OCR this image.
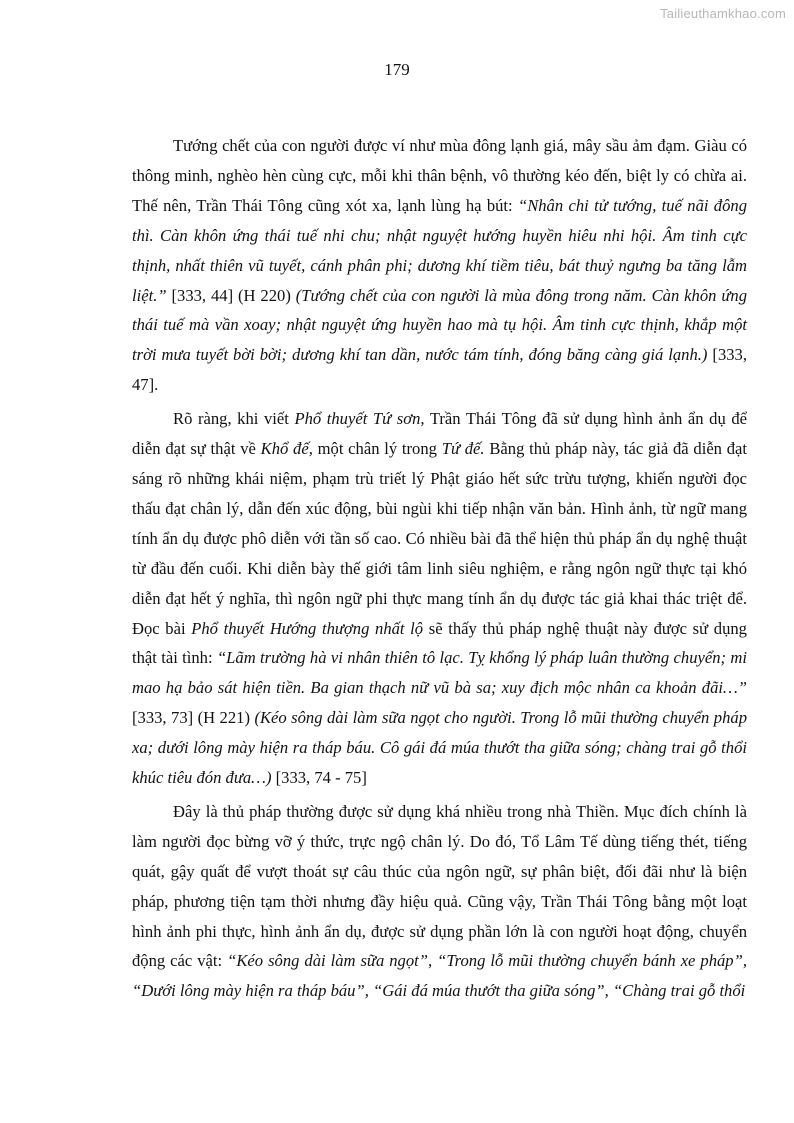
Tailieuthamkhao.com
179

Tướng chết của con người được ví như mùa đông lạnh giá, mây sầu ảm đạm. Giàu có thông minh, nghèo hèn cùng cực, mỗi khi thân bệnh, vô thường kéo đến, biệt ly có chừa ai. Thế nên, Trần Thái Tông cũng xót xa, lạnh lùng hạ bút: “Nhân chi tử tướng, tuế nãi đông thì. Càn khôn ứng thái tuế nhi chu; nhật nguyệt hướng huyền hiêu nhi hội. Âm tinh cực thịnh, nhất thiên vũ tuyết, cánh phân phi; dương khí tiềm tiêu, bát thuỷ ngưng ba tăng lẫm liệt.” [333, 44] (H 220) (Tướng chết của con người là mùa đông trong năm. Càn khôn ứng thái tuế mà vần xoay; nhật nguyệt ứng huyền hao mà tụ hội. Âm tinh cực thịnh, khắp một trời mưa tuyết bời bời; dương khí tan dần, nước tám tính, đóng băng càng giá lạnh.) [333, 47].

Rõ ràng, khi viết Phổ thuyết Tứ sơn, Trần Thái Tông đã sử dụng hình ảnh ẩn dụ để diễn đạt sự thật về Khổ đế, một chân lý trong Tứ đế. Bằng thủ pháp này, tác giả đã diễn đạt sáng rõ những khái niệm, phạm trù triết lý Phật giáo hết sức trừu tượng, khiến người đọc thấu đạt chân lý, dẫn đến xúc động, bùi ngùi khi tiếp nhận văn bản. Hình ảnh, từ ngữ mang tính ẩn dụ được phô diễn với tần số cao. Có nhiều bài đã thể hiện thủ pháp ẩn dụ nghệ thuật từ đầu đến cuối. Khi diễn bày thế giới tâm linh siêu nghiệm, e rằng ngôn ngữ thực tại khó diễn đạt hết ý nghĩa, thì ngôn ngữ phi thực mang tính ẩn dụ được tác giả khai thác triệt để. Đọc bài Phổ thuyết Hướng thượng nhất lộ sẽ thấy thủ pháp nghệ thuật này được sử dụng thật tài tình: “Lãm trường hà vi nhân thiên tô lạc. Tỵ khổng lý pháp luân thường chuyển; mi mao hạ bảo sát hiện tiền. Ba gian thạch nữ vũ bà sa; xuy địch mộc nhân ca khoản đãi…” [333, 73] (H 221) (Kéo sông dài làm sữa ngọt cho người. Trong lỗ mũi thường chuyển pháp xa; dưới lông mày hiện ra tháp báu. Cô gái đá múa thướt tha giữa sóng; chàng trai gỗ thổi khúc tiêu đón đưa…) [333, 74 - 75]

Đây là thủ pháp thường được sử dụng khá nhiều trong nhà Thiền. Mục đích chính là làm người đọc bừng vỡ ý thức, trực ngộ chân lý. Do đó, Tổ Lâm Tế dùng tiếng thét, tiếng quát, gậy quất để vượt thoát sự câu thúc của ngôn ngữ, sự phân biệt, đối đãi như là biện pháp, phương tiện tạm thời nhưng đầy hiệu quả. Cũng vậy, Trần Thái Tông bằng một loạt hình ảnh phi thực, hình ảnh ẩn dụ, được sử dụng phần lớn là con người hoạt động, chuyển động các vật: “Kéo sông dài làm sữa ngọt”, “Trong lỗ mũi thường chuyển bánh xe pháp”, “Dưới lông mày hiện ra tháp báu”, “Gái đá múa thướt tha giữa sóng”, “Chàng trai gỗ thổi
